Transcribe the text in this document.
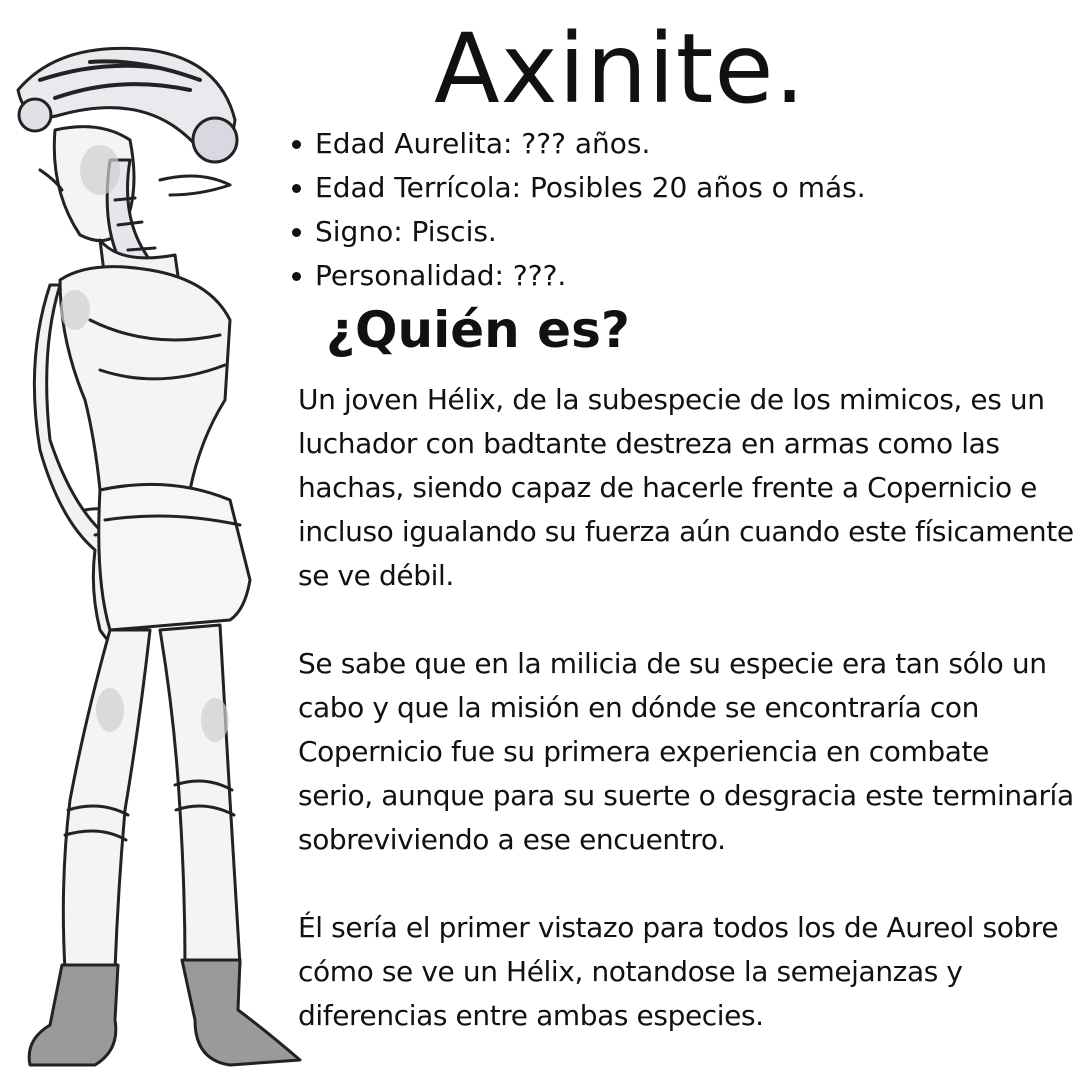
Axinite.
Edad Aurelita: ??? años.
Edad Terrícola: Posibles 20 años o más.
Signo: Piscis.
Personalidad: ???.
¿Quién es?

Un joven Hélix, de la subespecie de los mimicos, es un
luchador con badtante destreza en armas como las
hachas, siendo capaz de hacerle frente a Copernicio e
incluso igualando su fuerza aún cuando este físicamente
se ve débil.

Se sabe que en la milicia de su especie era tan sólo un
cabo y que la misión en dónde se encontraría con
Copernicio fue su primera experiencia en combate
serio, aunque para su suerte o desgracia este terminaría
sobreviviendo a ese encuentro.

Él sería el primer vistazo para todos los de Aureol sobre
cómo se ve un Hélix, notandose la semejanzas y
diferencias entre ambas especies.
